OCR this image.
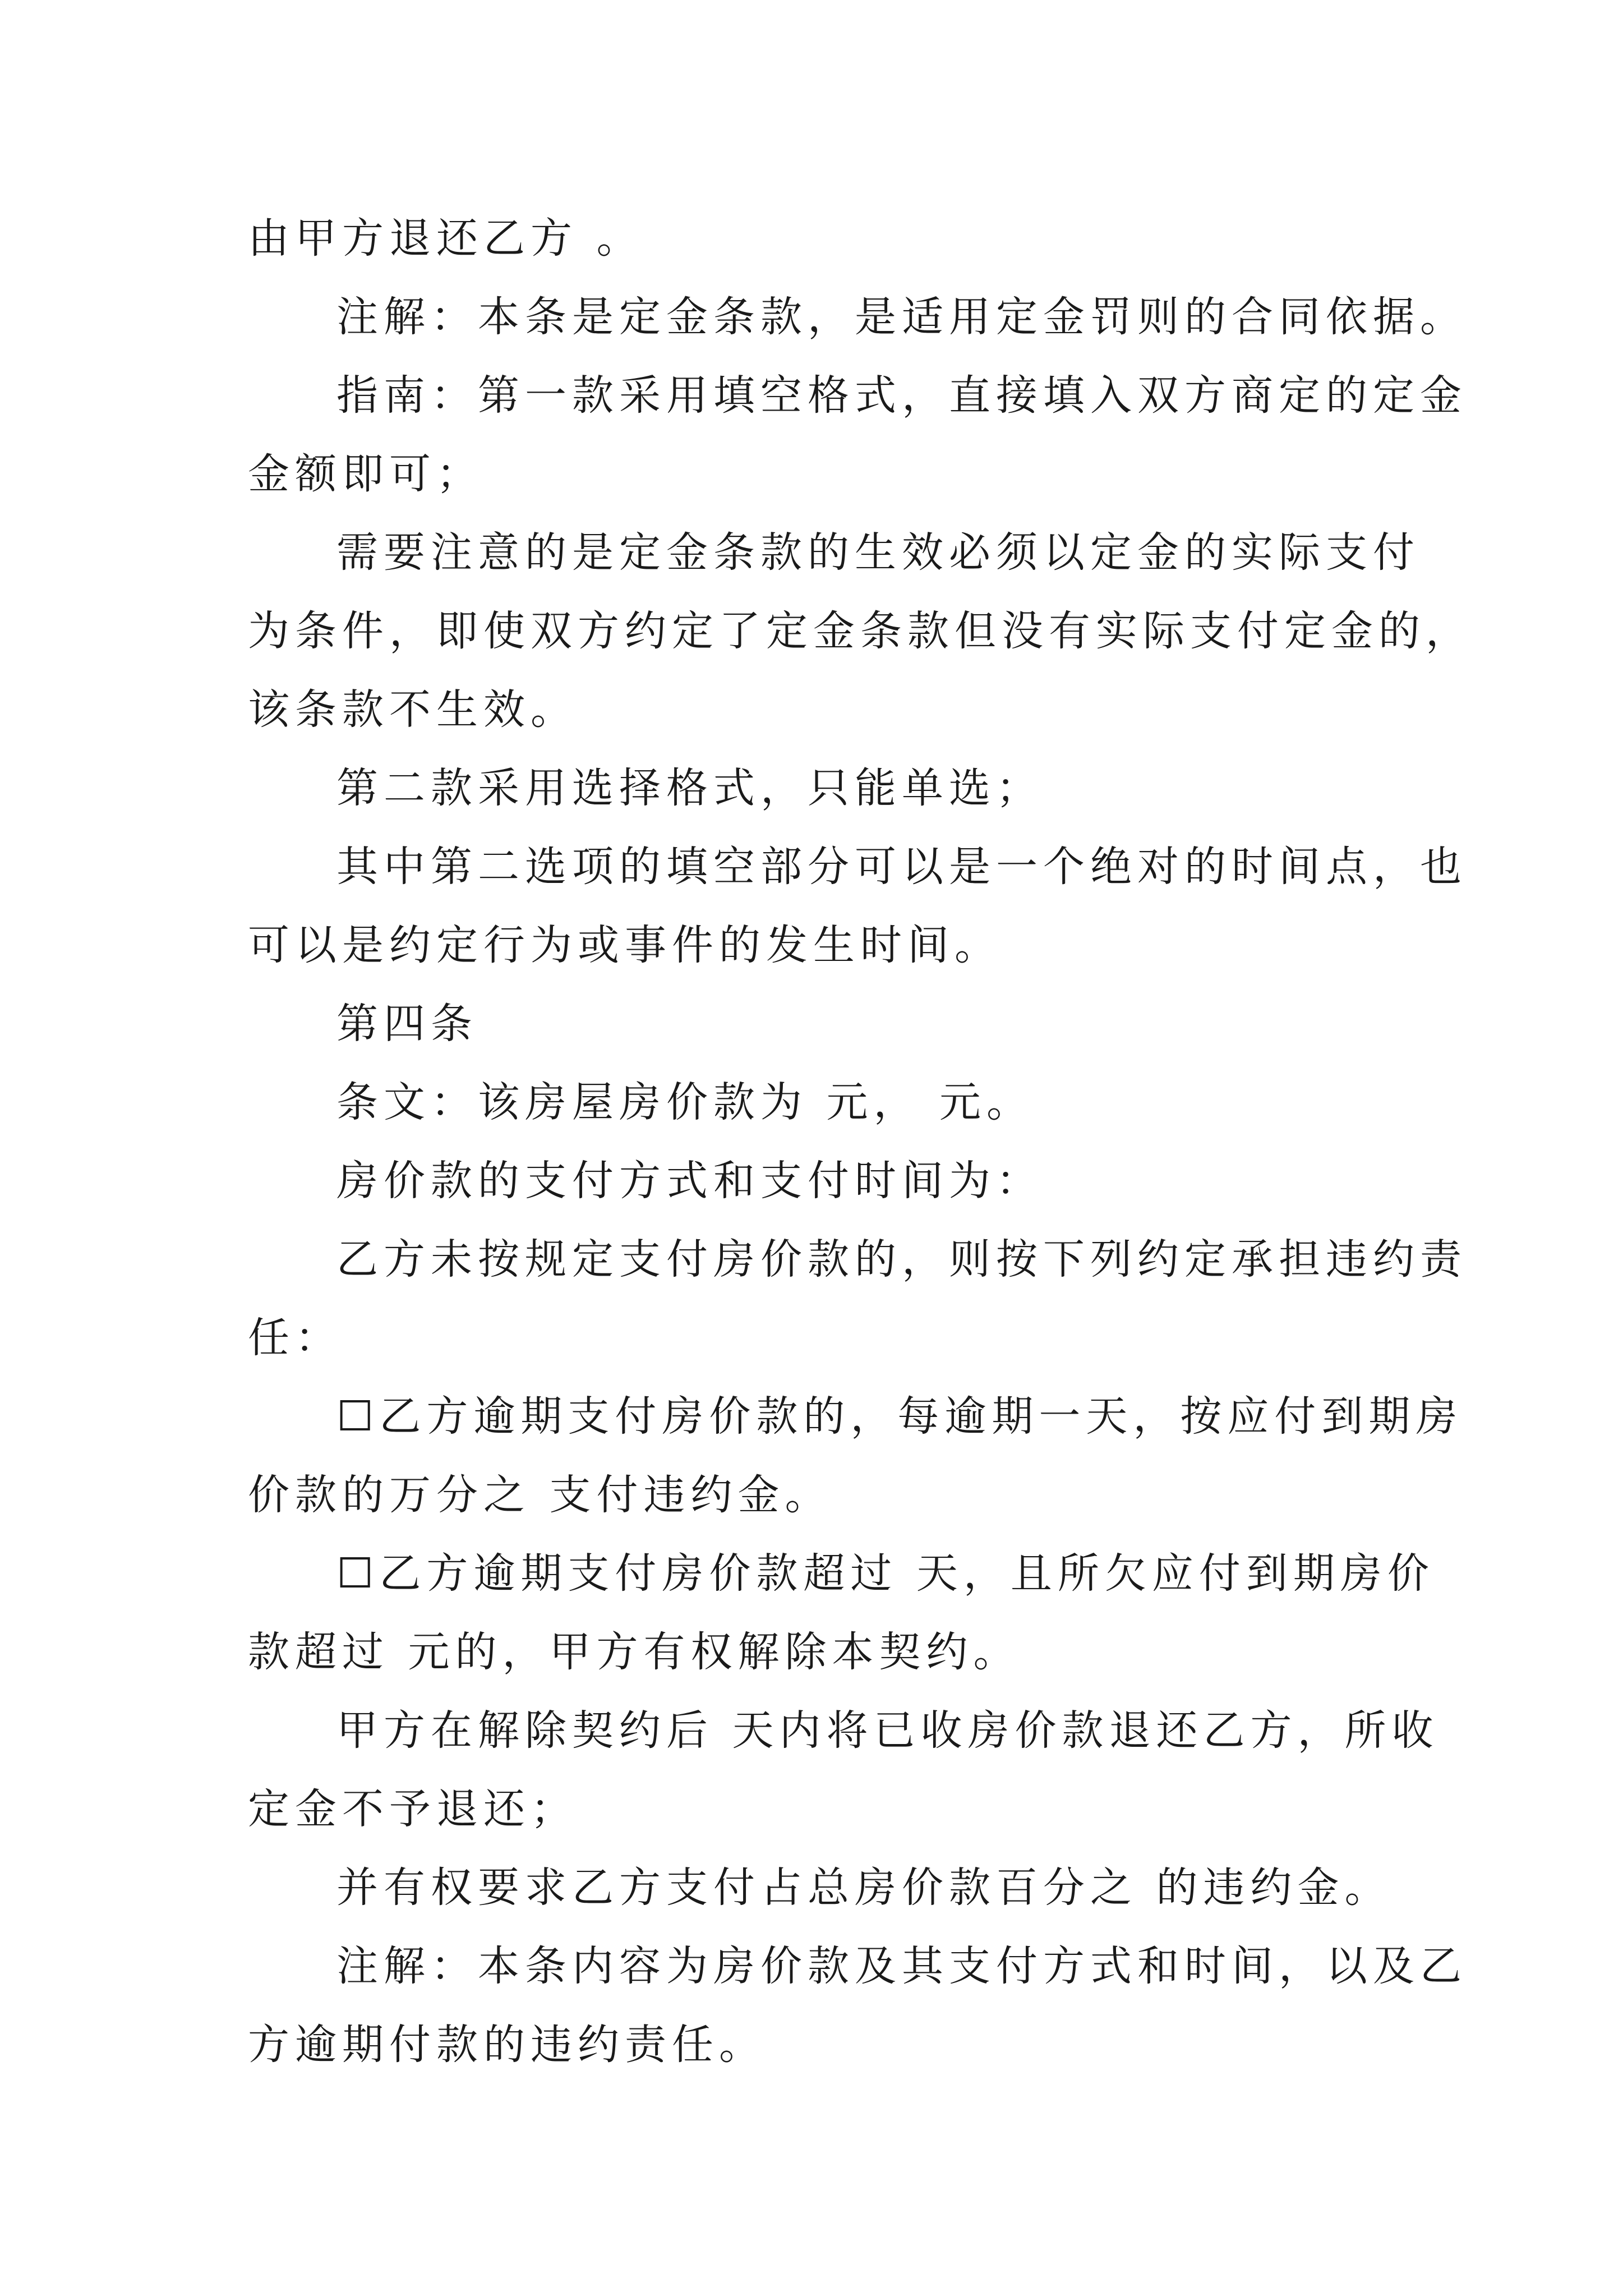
由甲方退还乙方 。

注解：本条是定金条款，是适用定金罚则的合同依据。

指南：第一款采用填空格式，直接填入双方商定的定金

金额即可；

需要注意的是定金条款的生效必须以定金的实际支付

为条件，即使双方约定了定金条款但没有实际支付定金的，

该条款不生效。

第二款采用选择格式，只能单选；

其中第二选项的填空部分可以是一个绝对的时间点，也

可以是约定行为或事件的发生时间。

第四条

条文：该房屋房价款为 元， 元。

房价款的支付方式和支付时间为：

乙方未按规定支付房价款的，则按下列约定承担违约责

任：

☐乙方逾期支付房价款的，每逾期一天，按应付到期房

价款的万分之 支付违约金。

☐乙方逾期支付房价款超过 天，且所欠应付到期房价

款超过 元的，甲方有权解除本契约。

甲方在解除契约后 天内将已收房价款退还乙方，所收

定金不予退还；

并有权要求乙方支付占总房价款百分之 的违约金。

注解：本条内容为房价款及其支付方式和时间，以及乙

方逾期付款的违约责任。
